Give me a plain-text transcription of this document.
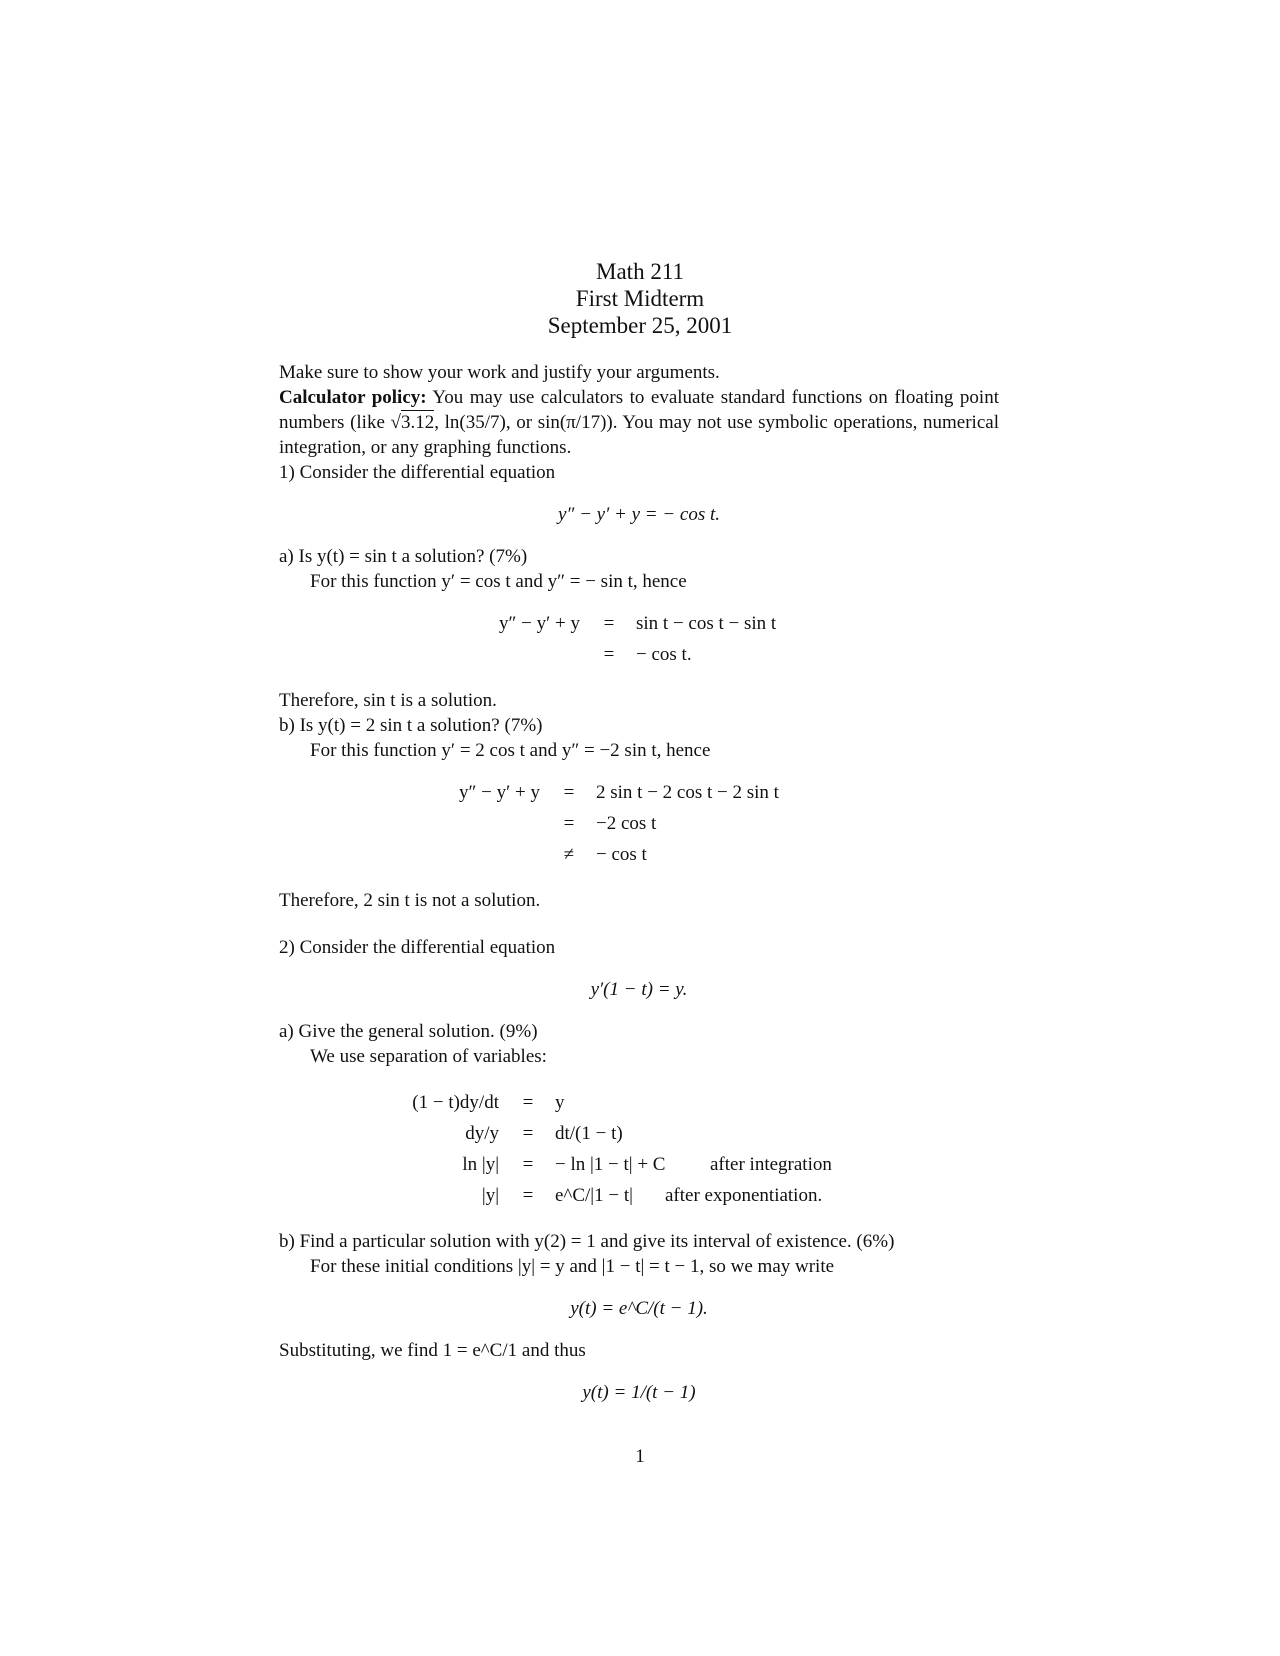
Math 211
First Midterm
September 25, 2001

Make sure to show your work and justify your arguments.

Calculator policy: You may use calculators to evaluate standard functions on floating point numbers (like √3.12, ln(35/7), or sin(π/17)). You may not use symbolic operations, numerical integration, or any graphing functions.

1) Consider the differential equation

y″ − y′ + y = − cos t.

a) Is y(t) = sin t a solution? (7%)

For this function y′ = cos t and y″ = − sin t, hence

y″ − y′ + y	=	sin t − cos t − sin t
=	− cos t.

Therefore, sin t is a solution.

b) Is y(t) = 2 sin t a solution? (7%)

For this function y′ = 2 cos t and y″ = −2 sin t, hence

y″ − y′ + y	=	2 sin t − 2 cos t − 2 sin t
=	−2 cos t
≠	− cos t

Therefore, 2 sin t is not a solution.

2) Consider the differential equation

y′(1 − t) = y.

a) Give the general solution. (9%)

We use separation of variables:

(1 − t)dy/dt	=	y
dy/y	=	dt/(1 − t)
ln |y|	=	− ln |1 − t| + C	after integration
|y|	=	e^C/|1 − t|	after exponentiation.

b) Find a particular solution with y(2) = 1 and give its interval of existence. (6%)

For these initial conditions |y| = y and |1 − t| = t − 1, so we may write

y(t) = e^C/(t − 1).

Substituting, we find 1 = e^C/1 and thus

y(t) = 1/(t − 1)

1
